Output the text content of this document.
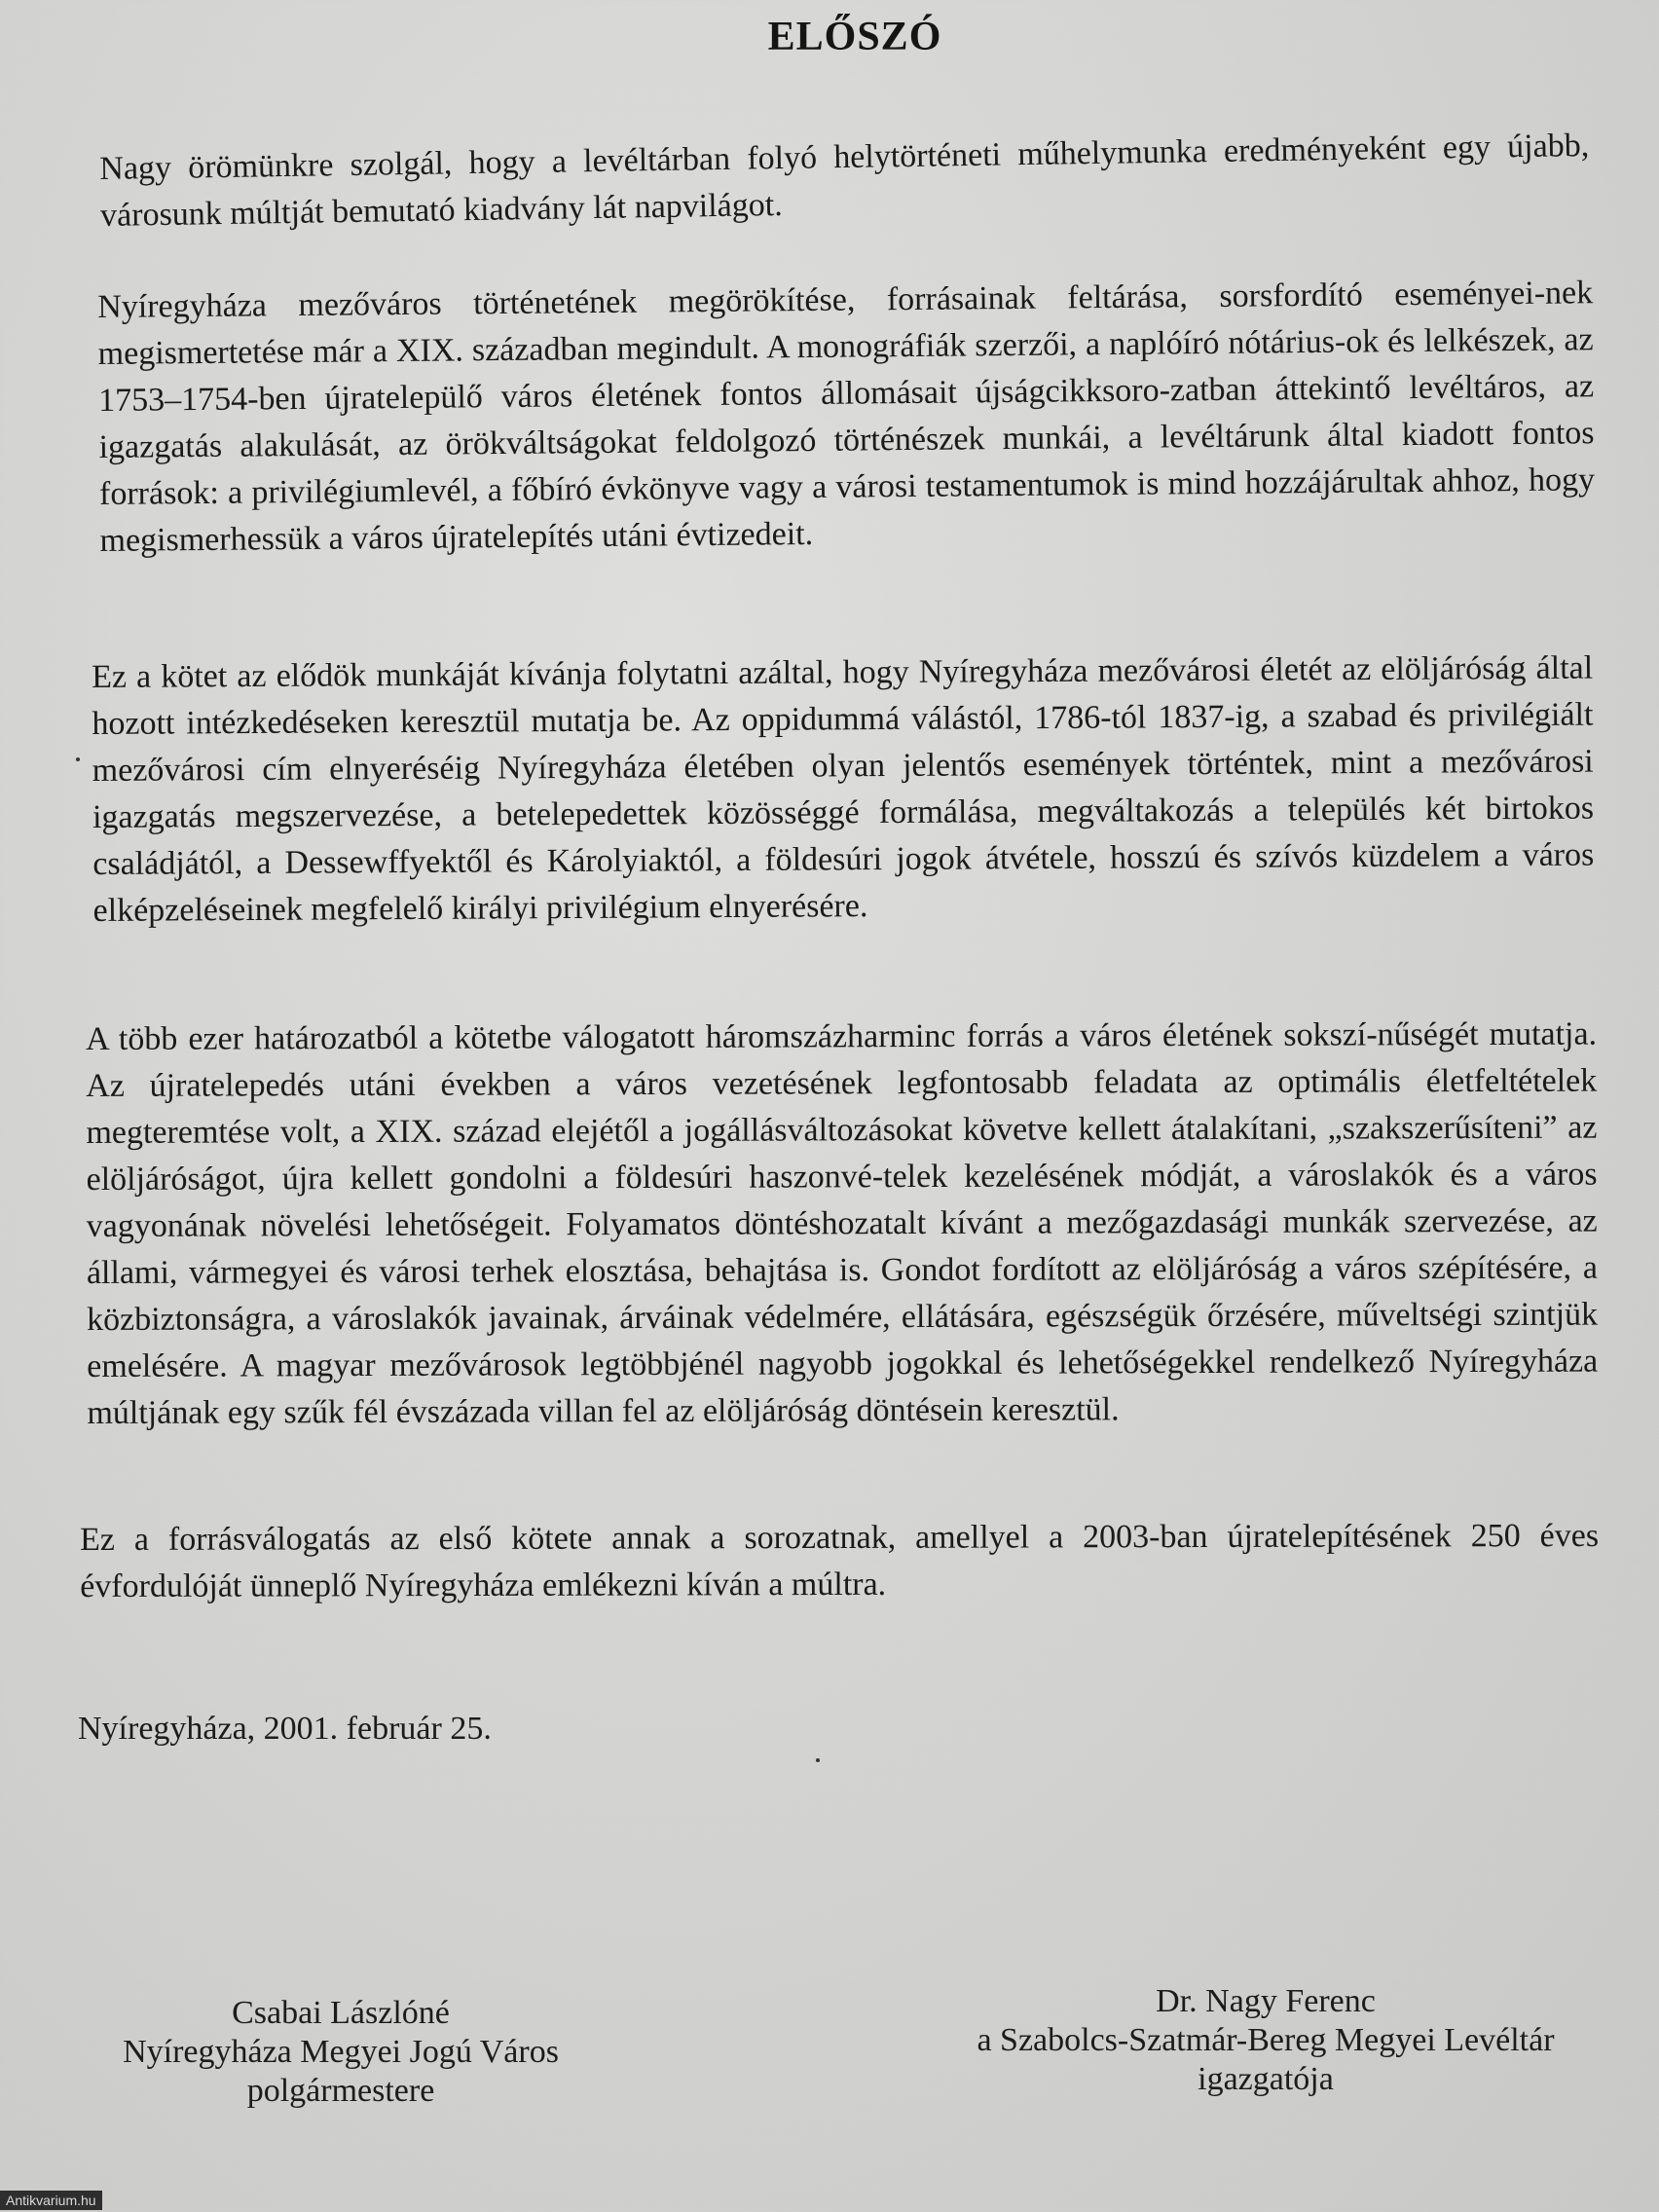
ELŐSZÓ

Nagy örömünkre szolgál, hogy a levéltárban folyó helytörténeti műhelymunka eredményeként egy újabb, városunk múltját bemutató kiadvány lát napvilágot.

Nyíregyháza mezőváros történetének megörökítése, forrásainak feltárása, sorsfordító eseményei-nek megismertetése már a XIX. században megindult. A monográfiák szerzői, a naplóíró nótárius-ok és lelkészek, az 1753–1754-ben újratelepülő város életének fontos állomásait újságcikksoro-zatban áttekintő levéltáros, az igazgatás alakulását, az örökváltságokat feldolgozó történészek munkái, a levéltárunk által kiadott fontos források: a privilégiumlevél, a főbíró évkönyve vagy a városi testamentumok is mind hozzájárultak ahhoz, hogy megismerhessük a város újratelepítés utáni évtizedeit.

Ez a kötet az elődök munkáját kívánja folytatni azáltal, hogy Nyíregyháza mezővárosi életét az elöljáróság által hozott intézkedéseken keresztül mutatja be. Az oppidummá válástól, 1786-tól 1837-ig, a szabad és privilégiált mezővárosi cím elnyeréséig Nyíregyháza életében olyan jelentős események történtek, mint a mezővárosi igazgatás megszervezése, a betelepedettek közösséggé formálása, megváltakozás a település két birtokos családjától, a Dessewffyektől és Károlyiaktól, a földesúri jogok átvétele, hosszú és szívós küzdelem a város elképzeléseinek megfelelő királyi privilégium elnyerésére.

A több ezer határozatból a kötetbe válogatott háromszázharminc forrás a város életének sokszí-nűségét mutatja. Az újratelepedés utáni években a város vezetésének legfontosabb feladata az optimális életfeltételek megteremtése volt, a XIX. század elejétől a jogállásváltozásokat követve kellett átalakítani, „szakszerűsíteni” az elöljáróságot, újra kellett gondolni a földesúri haszonvé-telek kezelésének módját, a városlakók és a város vagyonának növelési lehetőségeit. Folyamatos döntéshozatalt kívánt a mezőgazdasági munkák szervezése, az állami, vármegyei és városi terhek elosztása, behajtása is. Gondot fordított az elöljáróság a város szépítésére, a közbiztonságra, a városlakók javainak, árváinak védelmére, ellátására, egészségük őrzésére, műveltségi szintjük emelésére. A magyar mezővárosok legtöbbjénél nagyobb jogokkal és lehetőségekkel rendelkező Nyíregyháza múltjának egy szűk fél évszázada villan fel az elöljáróság döntésein keresztül.

Ez a forrásválogatás az első kötete annak a sorozatnak, amellyel a 2003-ban újratelepítésének 250 éves évfordulóját ünneplő Nyíregyháza emlékezni kíván a múltra.

Nyíregyháza, 2001. február 25.
Csabai Lászlóné
Nyíregyháza Megyei Jogú Város
polgármestere
Dr. Nagy Ferenc
a Szabolcs-Szatmár-Bereg Megyei Levéltár
igazgatója
Antikvarium.hu
